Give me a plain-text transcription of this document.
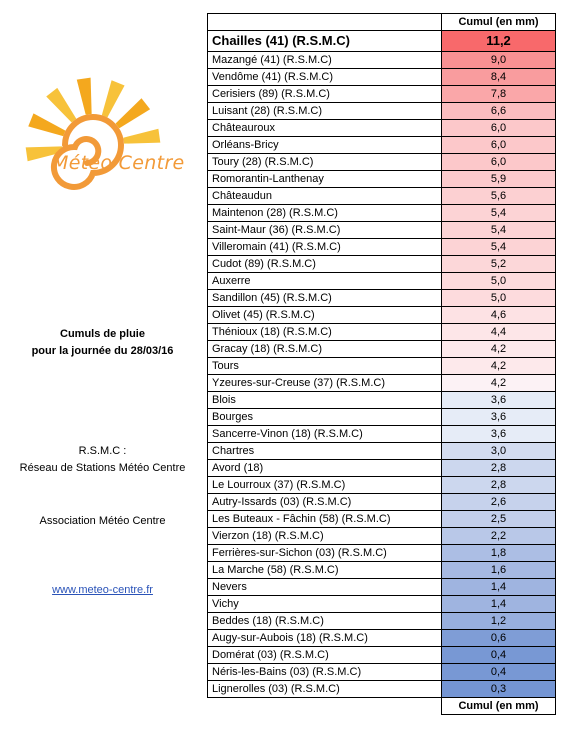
Météo Centre
Cumuls de pluie
pour la journée du 28/03/16
R.S.M.C :
Réseau de Stations Météo Centre
Association Météo Centre
www.meteo-centre.fr
	Cumul (en mm)
Chailles (41) (R.S.M.C)	11,2
Mazangé (41) (R.S.M.C)	9,0
Vendôme (41) (R.S.M.C)	8,4
Cerisiers (89) (R.S.M.C)	7,8
Luisant (28) (R.S.M.C)	6,6
Châteauroux	6,0
Orléans-Bricy	6,0
Toury (28) (R.S.M.C)	6,0
Romorantin-Lanthenay	5,9
Châteaudun	5,6
Maintenon (28) (R.S.M.C)	5,4
Saint-Maur (36) (R.S.M.C)	5,4
Villeromain (41) (R.S.M.C)	5,4
Cudot (89) (R.S.M.C)	5,2
Auxerre	5,0
Sandillon (45) (R.S.M.C)	5,0
Olivet (45) (R.S.M.C)	4,6
Thénioux (18) (R.S.M.C)	4,4
Gracay (18) (R.S.M.C)	4,2
Tours	4,2
Yzeures-sur-Creuse (37) (R.S.M.C)	4,2
Blois	3,6
Bourges	3,6
Sancerre-Vinon (18) (R.S.M.C)	3,6
Chartres	3,0
Avord (18)	2,8
Le Lourroux (37) (R.S.M.C)	2,8
Autry-Issards (03) (R.S.M.C)	2,6
Les Buteaux - Fâchin (58) (R.S.M.C)	2,5
Vierzon (18) (R.S.M.C)	2,2
Ferrières-sur-Sichon (03) (R.S.M.C)	1,8
La Marche (58) (R.S.M.C)	1,6
Nevers	1,4
Vichy	1,4
Beddes (18) (R.S.M.C)	1,2
Augy-sur-Aubois (18) (R.S.M.C)	0,6
Domérat (03) (R.S.M.C)	0,4
Néris-les-Bains (03) (R.S.M.C)	0,4
Lignerolles (03) (R.S.M.C)	0,3
	Cumul (en mm)
